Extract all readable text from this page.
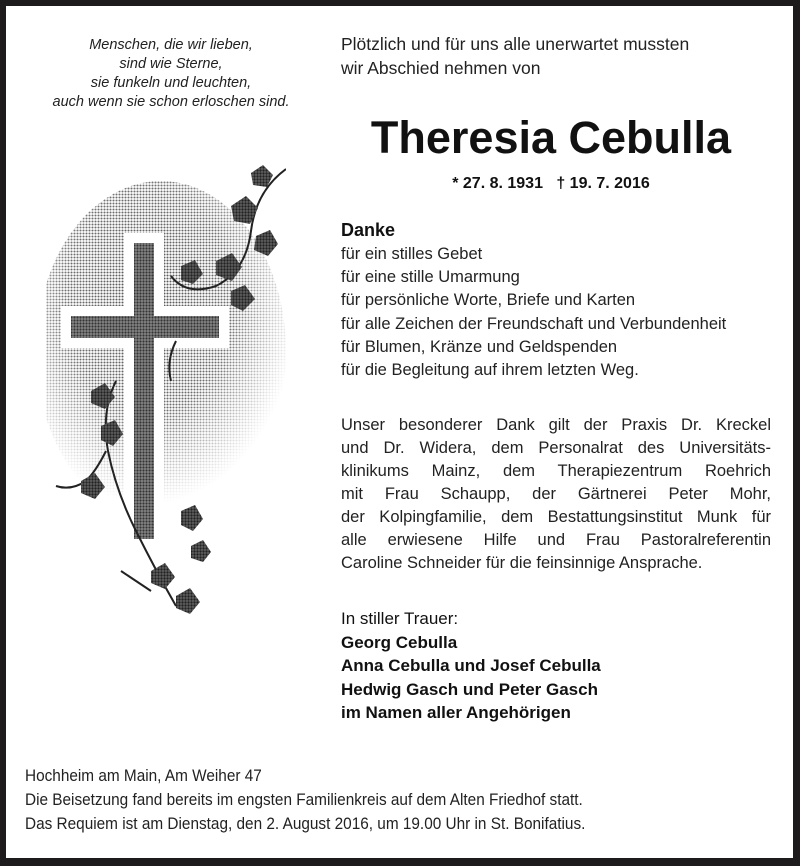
Menschen, die wir lieben,
sind wie Sterne,
sie funkeln und leuchten,
auch wenn sie schon erloschen sind.
Plötzlich und für uns alle unerwartet mussten
wir Abschied nehmen von
Theresia Cebulla
* 27. 8. 1931 † 19. 7. 2016
Danke
für ein stilles Gebet
für eine stille Umarmung
für persönliche Worte, Briefe und Karten
für alle Zeichen der Freundschaft und Verbundenheit
für Blumen, Kränze und Geldspenden
für die Begleitung auf ihrem letzten Weg.
Unser besonderer Dank gilt der Praxis Dr. Kreckel
und Dr. Widera, dem Personalrat des Universitäts-
klinikums Mainz, dem Therapiezentrum Roehrich
mit Frau Schaupp, der Gärtnerei Peter Mohr,
der Kolpingfamilie, dem Bestattungsinstitut Munk für
alle erwiesene Hilfe und Frau Pastoralreferentin
Caroline Schneider für die feinsinnige Ansprache.
In stiller Trauer:
Georg Cebulla
Anna Cebulla und Josef Cebulla
Hedwig Gasch und Peter Gasch
im Namen aller Angehörigen
Hochheim am Main, Am Weiher 47
Die Beisetzung fand bereits im engsten Familienkreis auf dem Alten Friedhof statt.
Das Requiem ist am Dienstag, den 2. August 2016, um 19.00 Uhr in St. Bonifatius.
